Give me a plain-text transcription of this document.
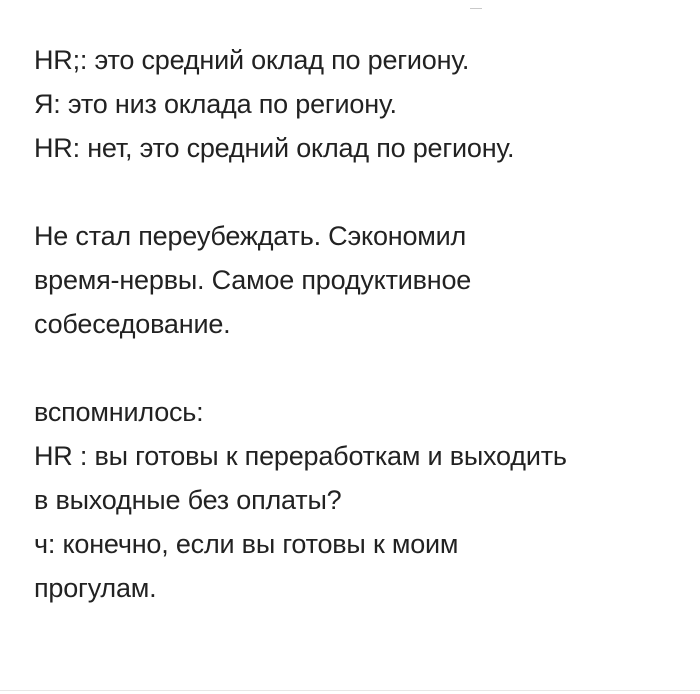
HR;: это средний оклад по региону.
Я: это низ оклада по региону.
HR: нет, это средний оклад по региону.
Не стал переубеждать. Сэкономил
время-нервы. Самое продуктивное
собеседование.
вспомнилось:
HR : вы готовы к переработкам и выходить
в выходные без оплаты?
ч: конечно, если вы готовы к моим
прогулам.
